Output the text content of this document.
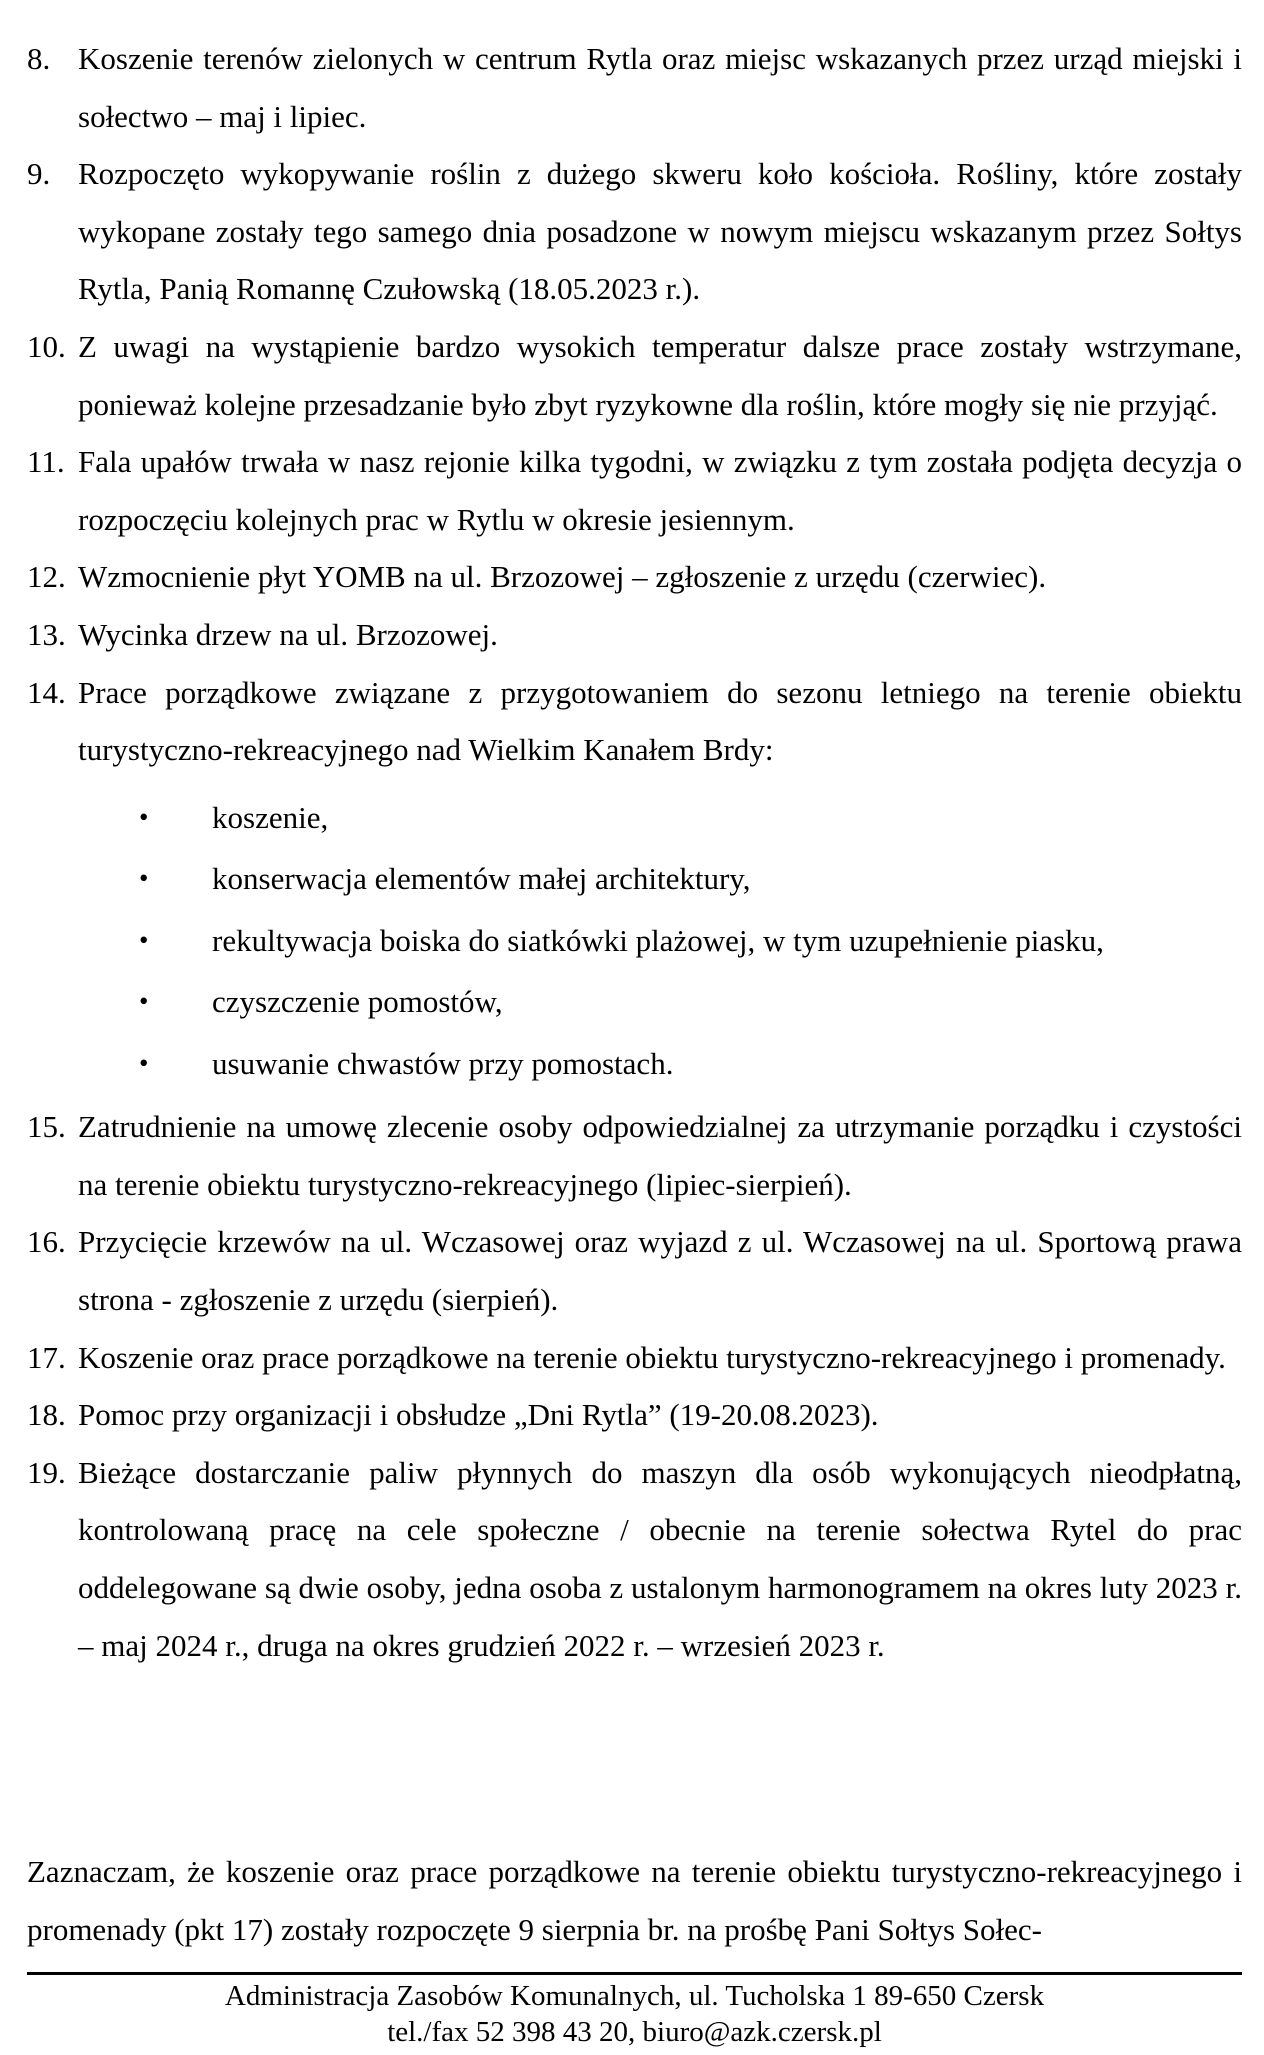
8. Koszenie terenów zielonych w centrum Rytla oraz miejsc wskazanych przez urząd miejski i sołectwo – maj i lipiec.
9. Rozpoczęto wykopywanie roślin z dużego skweru koło kościoła. Rośliny, które zostały wykopane zostały tego samego dnia posadzone w nowym miejscu wskazanym przez Sołtys Rytla, Panią Romannę Czułowską (18.05.2023 r.).
10. Z uwagi na wystąpienie bardzo wysokich temperatur dalsze prace zostały wstrzymane, ponieważ kolejne przesadzanie było zbyt ryzykowne dla roślin, które mogły się nie przyjąć.
11. Fala upałów trwała w nasz rejonie kilka tygodni, w związku z tym została podjęta decyzja o rozpoczęciu kolejnych prac w Rytlu w okresie jesiennym.
12. Wzmocnienie płyt YOMB na ul. Brzozowej – zgłoszenie z urzędu (czerwiec).
13. Wycinka drzew na ul. Brzozowej.
14. Prace porządkowe związane z przygotowaniem do sezonu letniego na terenie obiektu turystyczno-rekreacyjnego nad Wielkim Kanałem Brdy:
•	koszenie,
•	konserwacja elementów małej architektury,
•	rekultywacja boiska do siatkówki plażowej, w tym uzupełnienie piasku,
•	czyszczenie pomostów,
•	usuwanie chwastów przy pomostach.
15. Zatrudnienie na umowę zlecenie osoby odpowiedzialnej za utrzymanie porządku i czystości na terenie obiektu turystyczno-rekreacyjnego (lipiec-sierpień).
16. Przycięcie krzewów na ul. Wczasowej oraz wyjazd z ul. Wczasowej na ul. Sportową prawa strona - zgłoszenie z urzędu (sierpień).
17. Koszenie oraz prace porządkowe na terenie obiektu turystyczno-rekreacyjnego i promenady.
18. Pomoc przy organizacji i obsłudze „Dni Rytla” (19-20.08.2023).
19. Bieżące dostarczanie paliw płynnych do maszyn dla osób wykonujących nieodpłatną, kontrolowaną pracę na cele społeczne / obecnie na terenie sołectwa Rytel do prac oddelegowane są dwie osoby, jedna osoba z ustalonym harmonogramem na okres luty 2023 r. – maj 2024 r., druga na okres grudzień 2022 r. – wrzesień 2023 r.

Zaznaczam, że koszenie oraz prace porządkowe na terenie obiektu turystyczno-rekreacyjnego i promenady (pkt 17) zostały rozpoczęte 9 sierpnia br. na prośbę Pani Sołtys Sołec-

Administracja Zasobów Komunalnych, ul. Tucholska 1 89-650 Czersk
tel./fax 52 398 43 20, biuro@azk.czersk.pl
